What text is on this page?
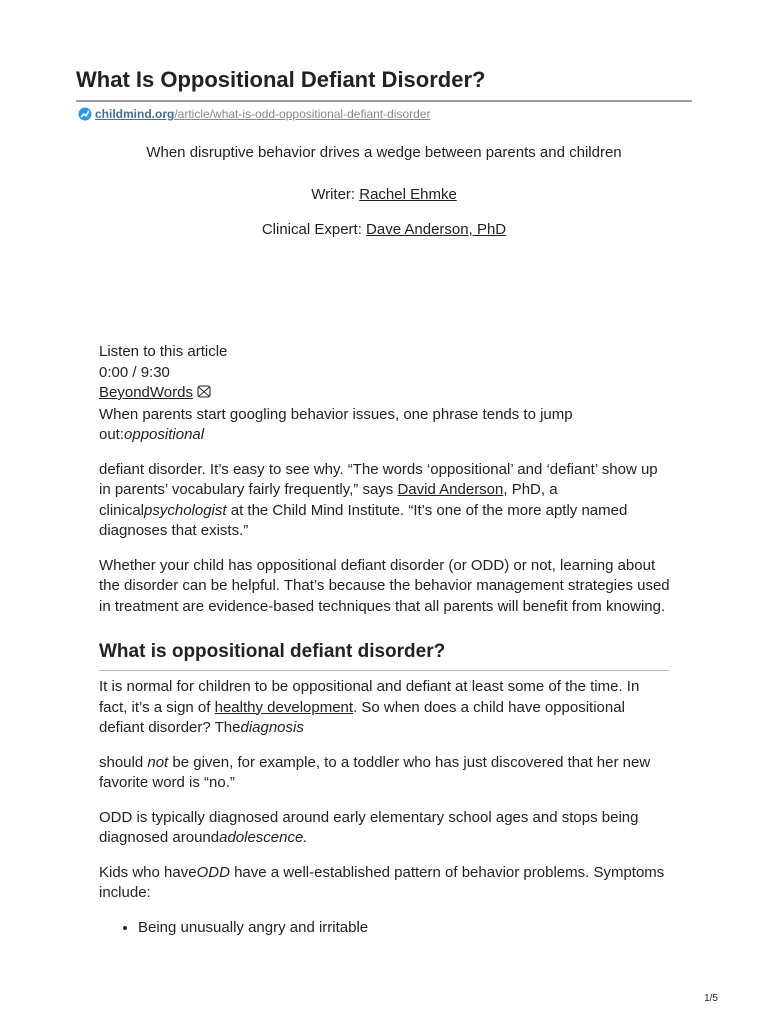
What Is Oppositional Defiant Disorder?
childmind.org/article/what-is-odd-oppositional-defiant-disorder
When disruptive behavior drives a wedge between parents and children
Writer: Rachel Ehmke
Clinical Expert: Dave Anderson, PhD

Listen to this article

0:00 / 9:30

BeyondWords

When parents start googling behavior issues, one phrase tends to jump out:oppositional

defiant disorder. It’s easy to see why. “The words ‘oppositional’ and ‘defiant’ show up in parents’ vocabulary fairly frequently,” says David Anderson, PhD, a clinicalpsychologist at the Child Mind Institute. “It’s one of the more aptly named diagnoses that exists.”

Whether your child has oppositional defiant disorder (or ODD) or not, learning about the disorder can be helpful. That’s because the behavior management strategies used in treatment are evidence-based techniques that all parents will benefit from knowing.

What is oppositional defiant disorder?

It is normal for children to be oppositional and defiant at least some of the time. In fact, it’s a sign of healthy development. So when does a child have oppositional defiant disorder? Thediagnosis

should not be given, for example, to a toddler who has just discovered that her new favorite word is “no.”

ODD is typically diagnosed around early elementary school ages and stops being diagnosed aroundadolescence.

Kids who haveODD have a well-established pattern of behavior problems. Symptoms include:

• Being unusually angry and irritable
1/5
